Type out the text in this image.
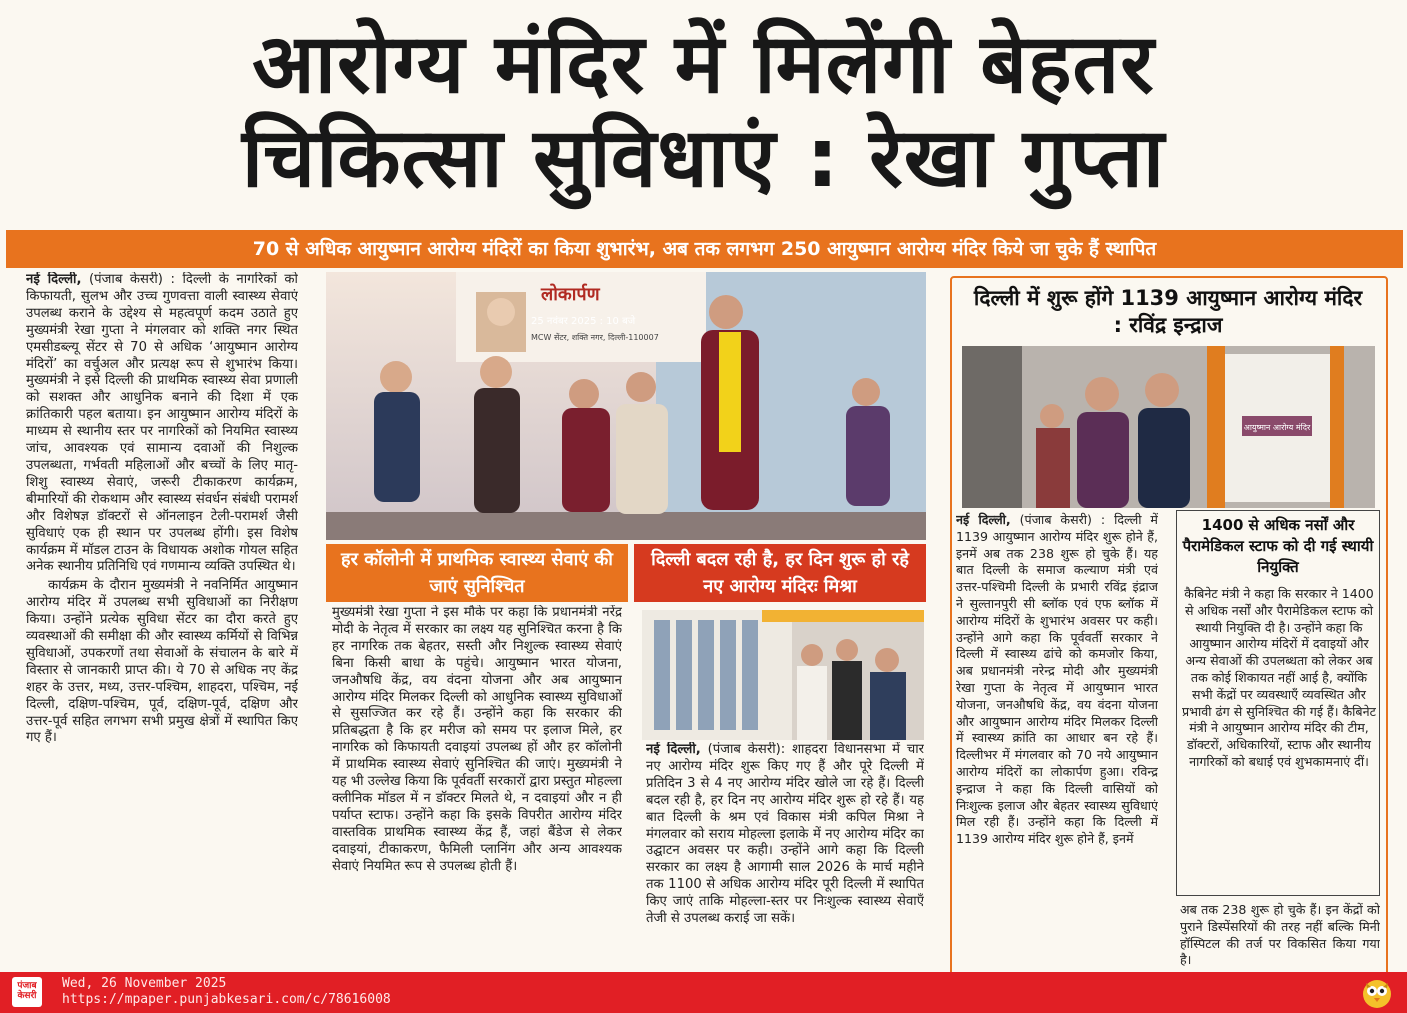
आरोग्य मंदिर में मिलेंगी बेहतर
चिकित्सा सुविधाएं : रेखा गुप्ता
70 से अधिक आयुष्मान आरोग्य मंदिरों का किया शुभारंभ, अब तक लगभग 250 आयुष्मान आरोग्य मंदिर किये जा चुके हैं स्थापित

नई दिल्ली, (पंजाब केसरी) : दिल्ली के नागरिकों को किफायती, सुलभ और उच्च गुणवत्ता वाली स्वास्थ्य सेवाएं उपलब्ध कराने के उद्देश्य से महत्वपूर्ण कदम उठाते हुए मुख्यमंत्री रेखा गुप्ता ने मंगलवार को शक्ति नगर स्थित एमसीडब्ल्यू सेंटर से 70 से अधिक ‘आयुष्मान आरोग्य मंदिरों’ का वर्चुअल और प्रत्यक्ष रूप से शुभारंभ किया। मुख्यमंत्री ने इसे दिल्ली की प्राथमिक स्वास्थ्य सेवा प्रणाली को सशक्त और आधुनिक बनाने की दिशा में एक क्रांतिकारी पहल बताया। इन आयुष्मान आरोग्य मंदिरों के माध्यम से स्थानीय स्तर पर नागरिकों को नियमित स्वास्थ्य जांच, आवश्यक एवं सामान्य दवाओं की निशुल्क उपलब्धता, गर्भवती महिलाओं और बच्चों के लिए मातृ-शिशु स्वास्थ्य सेवाएं, जरूरी टीकाकरण कार्यक्रम, बीमारियों की रोकथाम और स्वास्थ्य संवर्धन संबंधी परामर्श और विशेषज्ञ डॉक्टरों से ऑनलाइन टेली-परामर्श जैसी सुविधाएं एक ही स्थान पर उपलब्ध होंगी। इस विशेष कार्यक्रम में मॉडल टाउन के विधायक अशोक गोयल सहित अनेक स्थानीय प्रतिनिधि एवं गणमान्य व्यक्ति उपस्थित थे।

कार्यक्रम के दौरान मुख्यमंत्री ने नवनिर्मित आयुष्मान आरोग्य मंदिर में उपलब्ध सभी सुविधाओं का निरीक्षण किया। उन्होंने प्रत्येक सुविधा सेंटर का दौरा करते हुए व्यवस्थाओं की समीक्षा की और स्वास्थ्य कर्मियों से विभिन्न सुविधाओं, उपकरणों तथा सेवाओं के संचालन के बारे में विस्तार से जानकारी प्राप्त की। ये 70 से अधिक नए केंद्र शहर के उत्तर, मध्य, उत्तर-पश्चिम, शाहदरा, पश्चिम, नई दिल्ली, दक्षिण-पश्चिम, पूर्व, दक्षिण-पूर्व, दक्षिण और उत्तर-पूर्व सहित लगभग सभी प्रमुख क्षेत्रों में स्थापित किए गए हैं।

लोकार्पण
25 नवंबर 2025 : 10 बजे
MCW सेंटर, शक्ति नगर, दिल्ली-110007
हर कॉलोनी में प्राथमिक स्वास्थ्य सेवाएं की जाएं सुनिश्चित
दिल्ली बदल रही है, हर दिन शुरू हो रहे नए आरोग्य मंदिरः मिश्रा

मुख्यमंत्री रेखा गुप्ता ने इस मौके पर कहा कि प्रधानमंत्री नरेंद्र मोदी के नेतृत्व में सरकार का लक्ष्य यह सुनिश्चित करना है कि हर नागरिक तक बेहतर, सस्ती और निशुल्क स्वास्थ्य सेवाएं बिना किसी बाधा के पहुंचे। आयुष्मान भारत योजना, जनऔषधि केंद्र, वय वंदना योजना और अब आयुष्मान आरोग्य मंदिर मिलकर दिल्ली को आधुनिक स्वास्थ्य सुविधाओं से सुसज्जित कर रहे हैं। उन्होंने कहा कि सरकार की प्रतिबद्धता है कि हर मरीज को समय पर इलाज मिले, हर नागरिक को किफायती दवाइयां उपलब्ध हों और हर कॉलोनी में प्राथमिक स्वास्थ्य सेवाएं सुनिश्चित की जाएं। मुख्यमंत्री ने यह भी उल्लेख किया कि पूर्ववर्ती सरकारों द्वारा प्रस्तुत मोहल्ला क्लीनिक मॉडल में न डॉक्टर मिलते थे, न दवाइयां और न ही पर्याप्त स्टाफ। उन्होंने कहा कि इसके विपरीत आरोग्य मंदिर वास्तविक प्राथमिक स्वास्थ्य केंद्र हैं, जहां बैंडेज से लेकर दवाइयां, टीकाकरण, फैमिली प्लानिंग और अन्य आवश्यक सेवाएं नियमित रूप से उपलब्ध होती हैं।

नई दिल्ली, (पंजाब केसरी): शाहदरा विधानसभा में चार नए आरोग्य मंदिर शुरू किए गए हैं और पूरे दिल्ली में प्रतिदिन 3 से 4 नए आरोग्य मंदिर खोले जा रहे हैं। दिल्ली बदल रही है, हर दिन नए आरोग्य मंदिर शुरू हो रहे हैं। यह बात दिल्ली के श्रम एवं विकास मंत्री कपिल मिश्रा ने मंगलवार को सराय मोहल्ला इलाके में नए आरोग्य मंदिर का उद्घाटन अवसर पर कही। उन्होंने आगे कहा कि दिल्ली सरकार का लक्ष्य है आगामी साल 2026 के मार्च महीने तक 1100 से अधिक आरोग्य मंदिर पूरी दिल्ली में स्थापित किए जाएं ताकि मोहल्ला-स्तर पर निःशुल्क स्वास्थ्य सेवाएँ तेजी से उपलब्ध कराई जा सकें।

दिल्ली में शुरू होंगे 1139 आयुष्मान आरोग्य मंदिर : रविंद्र इन्द्राज
आयुष्मान आरोग्य मंदिर

नई दिल्ली, (पंजाब केसरी) : दिल्ली में 1139 आयुष्मान आरोग्य मंदिर शुरू होने हैं, इनमें अब तक 238 शुरू हो चुके हैं। यह बात दिल्ली के समाज कल्याण मंत्री एवं उत्तर-पश्चिमी दिल्ली के प्रभारी रविंद्र इंद्राज ने सुल्तानपुरी सी ब्लॉक एवं एफ ब्लॉक में आरोग्य मंदिरों के शुभारंभ अवसर पर कही। उन्होंने आगे कहा कि पूर्ववर्ती सरकार ने दिल्ली में स्वास्थ्य ढांचे को कमजोर किया, अब प्रधानमंत्री नरेन्द्र मोदी और मुख्यमंत्री रेखा गुप्ता के नेतृत्व में आयुष्मान भारत योजना, जनऔषधि केंद्र, वय वंदना योजना और आयुष्मान आरोग्य मंदिर मिलकर दिल्ली में स्वास्थ्य क्रांति का आधार बन रहे हैं। दिल्लीभर में मंगलवार को 70 नये आयुष्मान आरोग्य मंदिरों का लोकार्पण हुआ। रविन्द्र इन्द्राज ने कहा कि दिल्ली वासियों को निःशुल्क इलाज और बेहतर स्वास्थ्य सुविधाएं मिल रही हैं। उन्होंने कहा कि दिल्ली में 1139 आरोग्य मंदिर शुरू होने हैं, इनमें

1400 से अधिक नर्सों और पैरामेडिकल स्टाफ को दी गई स्थायी नियुक्ति

कैबिनेट मंत्री ने कहा कि सरकार ने 1400 से अधिक नर्सों और पैरामेडिकल स्टाफ को स्थायी नियुक्ति दी है। उन्होंने कहा कि आयुष्मान आरोग्य मंदिरों में दवाइयों और अन्य सेवाओं की उपलब्धता को लेकर अब तक कोई शिकायत नहीं आई है, क्योंकि सभी केंद्रों पर व्यवस्थाएँ व्यवस्थित और प्रभावी ढंग से सुनिश्चित की गई हैं। कैबिनेट मंत्री ने आयुष्मान आरोग्य मंदिर की टीम, डॉक्टरों, अधिकारियों, स्टाफ और स्थानीय नागरिकों को बधाई एवं शुभकामनाएं दीं।

अब तक 238 शुरू हो चुके हैं। इन केंद्रों को पुराने डिस्पेंसरियों की तरह नहीं बल्कि मिनी हॉस्पिटल की तर्ज पर विकसित किया गया है।

पंजाब केसरी
Wed, 26 November 2025
https://mpaper.punjabkesari.com/c/78616008
